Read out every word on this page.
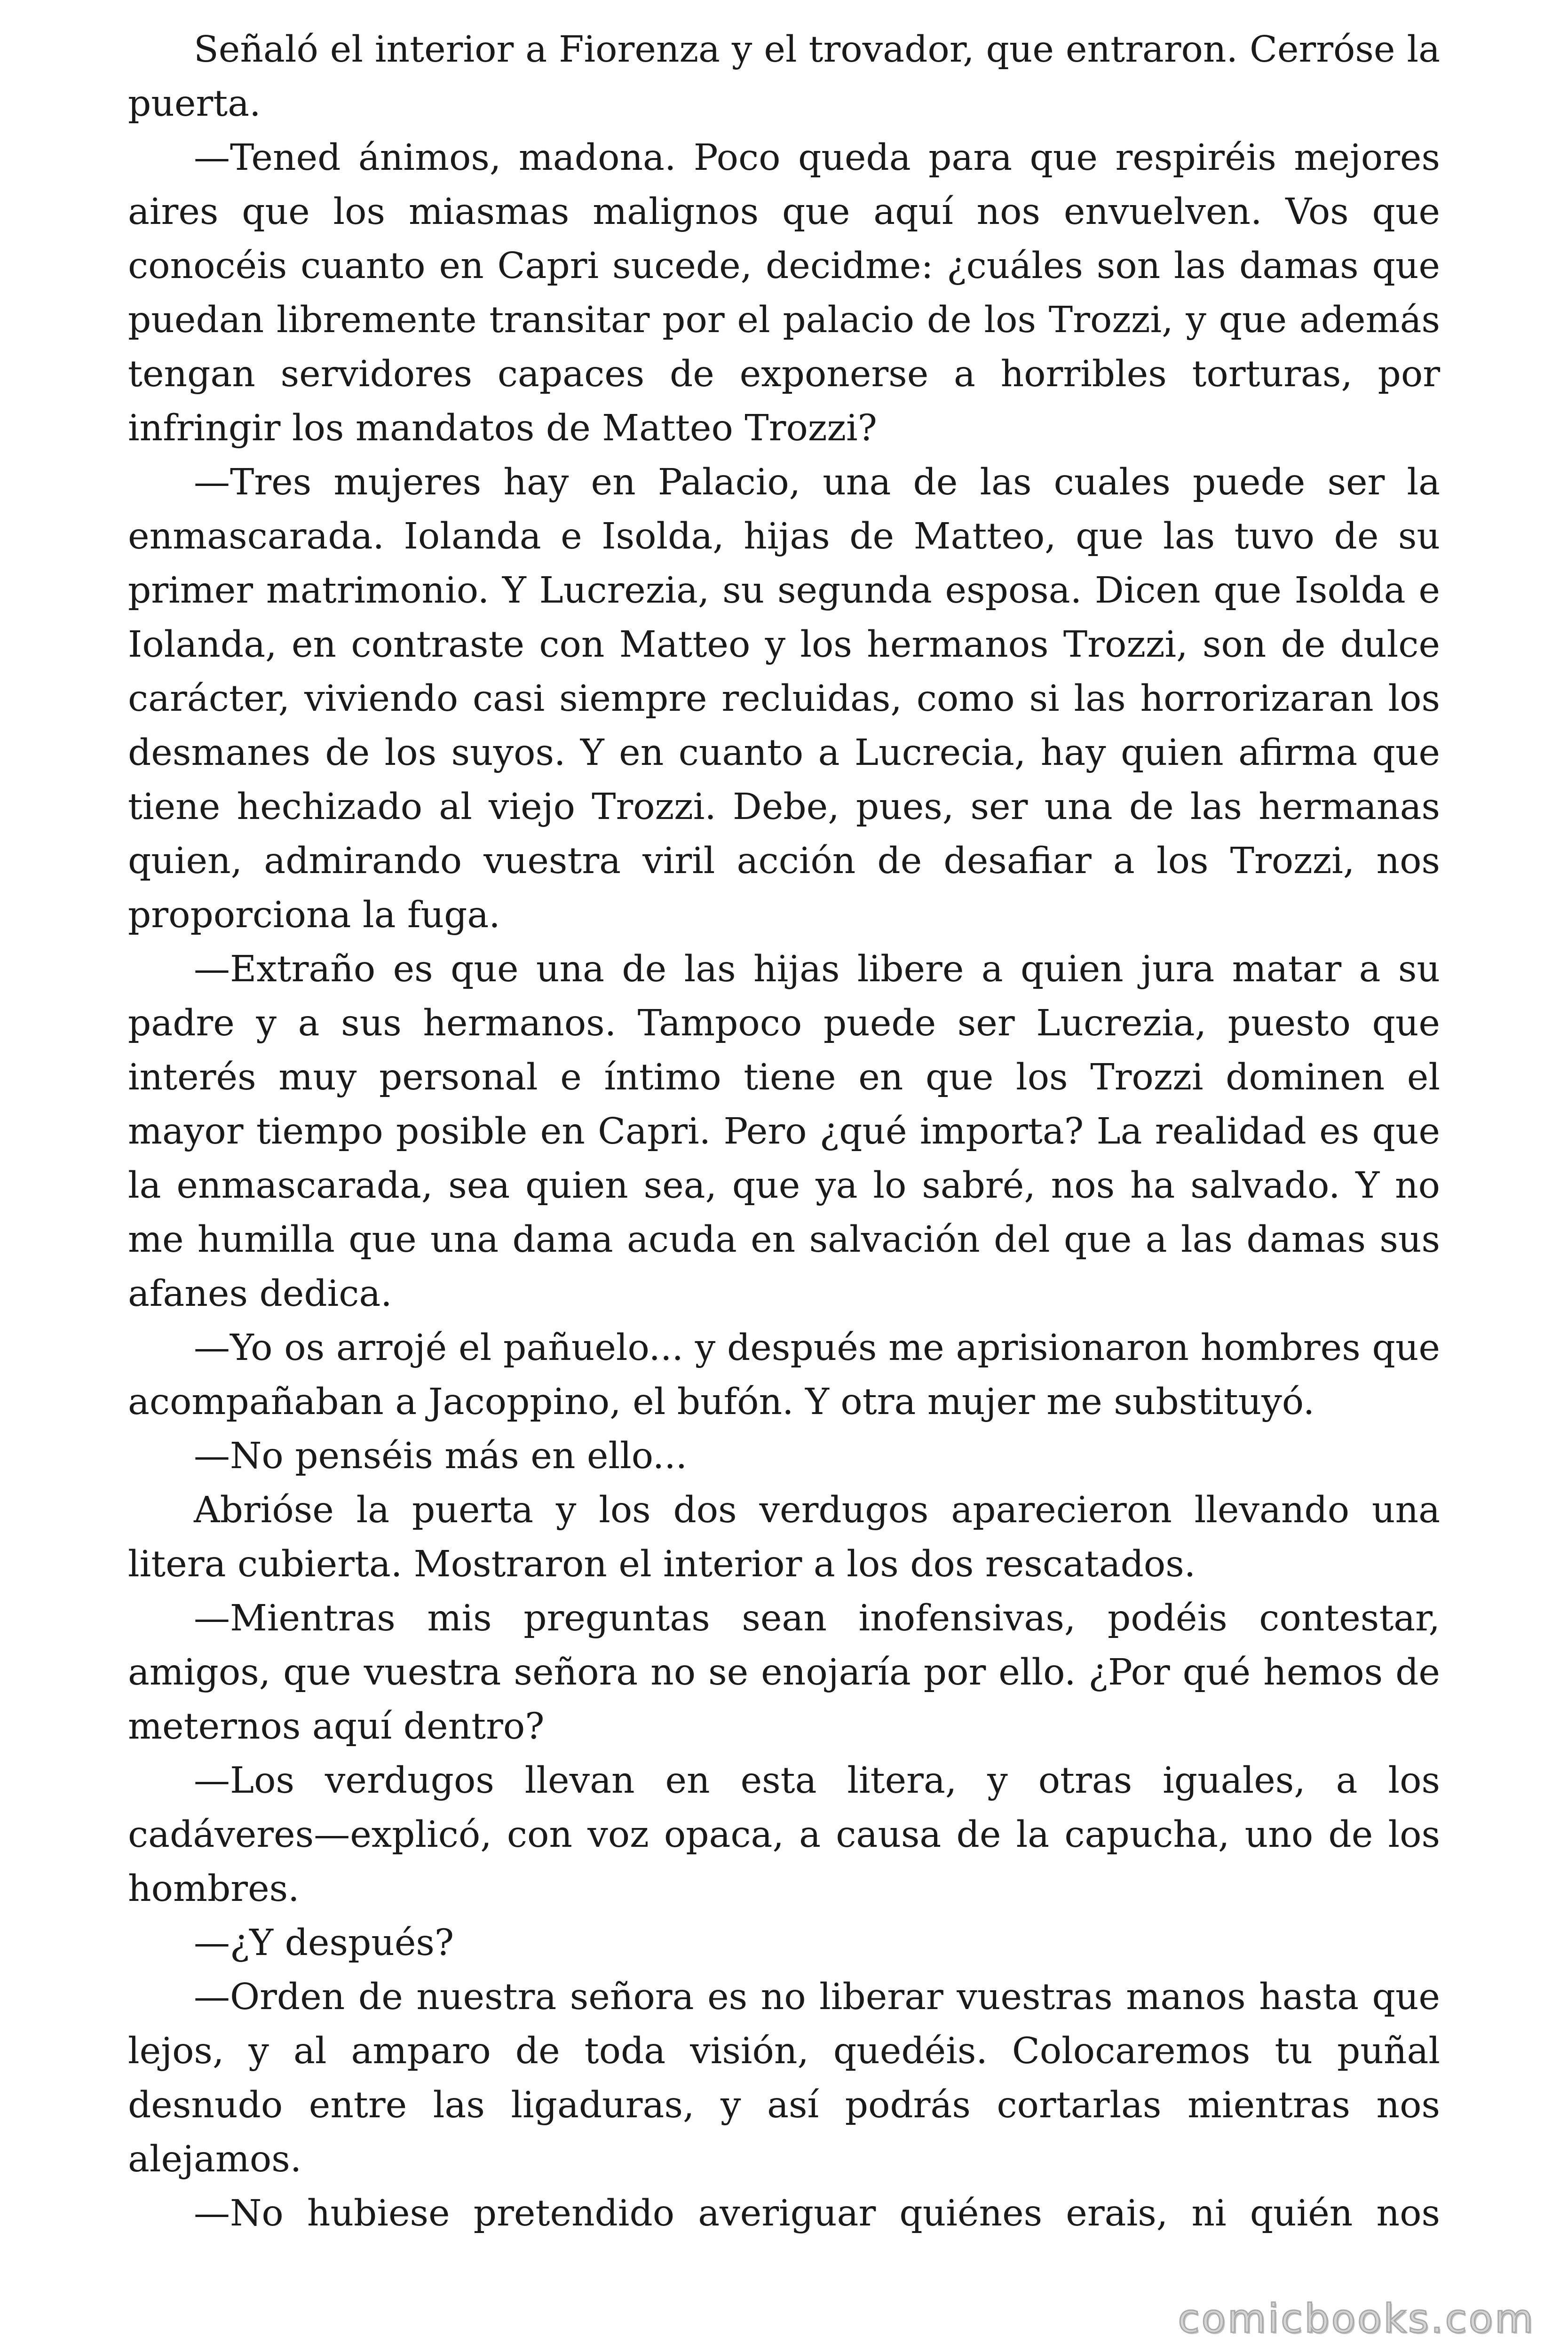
Señaló el interior a Fiorenza y el trovador, que entraron. Cerróse la puerta.

—Tened ánimos, madona. Poco queda para que respiréis mejores aires que los miasmas malignos que aquí nos envuelven. Vos que conocéis cuanto en Capri sucede, decidme: ¿cuáles son las damas que puedan libremente transitar por el palacio de los Trozzi, y que además tengan servidores capaces de exponerse a horribles torturas, por infringir los mandatos de Matteo Trozzi?

—Tres mujeres hay en Palacio, una de las cuales puede ser la enmascarada. Iolanda e Isolda, hijas de Matteo, que las tuvo de su primer matrimonio. Y Lucrezia, su segunda esposa. Dicen que Isolda e Iolanda, en contraste con Matteo y los hermanos Trozzi, son de dulce carácter, viviendo casi siempre recluidas, como si las horrorizaran los desmanes de los suyos. Y en cuanto a Lucrecia, hay quien afirma que tiene hechizado al viejo Trozzi. Debe, pues, ser una de las hermanas quien, admirando vuestra viril acción de desafiar a los Trozzi, nos proporciona la fuga.

—Extraño es que una de las hijas libere a quien jura matar a su padre y a sus hermanos. Tampoco puede ser Lucrezia, puesto que interés muy personal e íntimo tiene en que los Trozzi dominen el mayor tiempo posible en Capri. Pero ¿qué importa? La realidad es que la enmascarada, sea quien sea, que ya lo sabré, nos ha salvado. Y no me humilla que una dama acuda en salvación del que a las damas sus afanes dedica.

—Yo os arrojé el pañuelo... y después me aprisionaron hombres que acompañaban a Jacoppino, el bufón. Y otra mujer me substituyó.

—No penséis más en ello...

Abrióse la puerta y los dos verdugos aparecieron llevando una litera cubierta. Mostraron el interior a los dos rescatados.

—Mientras mis preguntas sean inofensivas, podéis contestar, amigos, que vuestra señora no se enojaría por ello. ¿Por qué hemos de meternos aquí dentro?

—Los verdugos llevan en esta litera, y otras iguales, a los cadáveres—explicó, con voz opaca, a causa de la capucha, uno de los hombres.

—¿Y después?

—Orden de nuestra señora es no liberar vuestras manos hasta que lejos, y al amparo de toda visión, quedéis. Colocaremos tu puñal desnudo entre las ligaduras, y así podrás cortarlas mientras nos alejamos.

—No hubiese pretendido averiguar quiénes erais, ni quién nos

comicbooks.com
